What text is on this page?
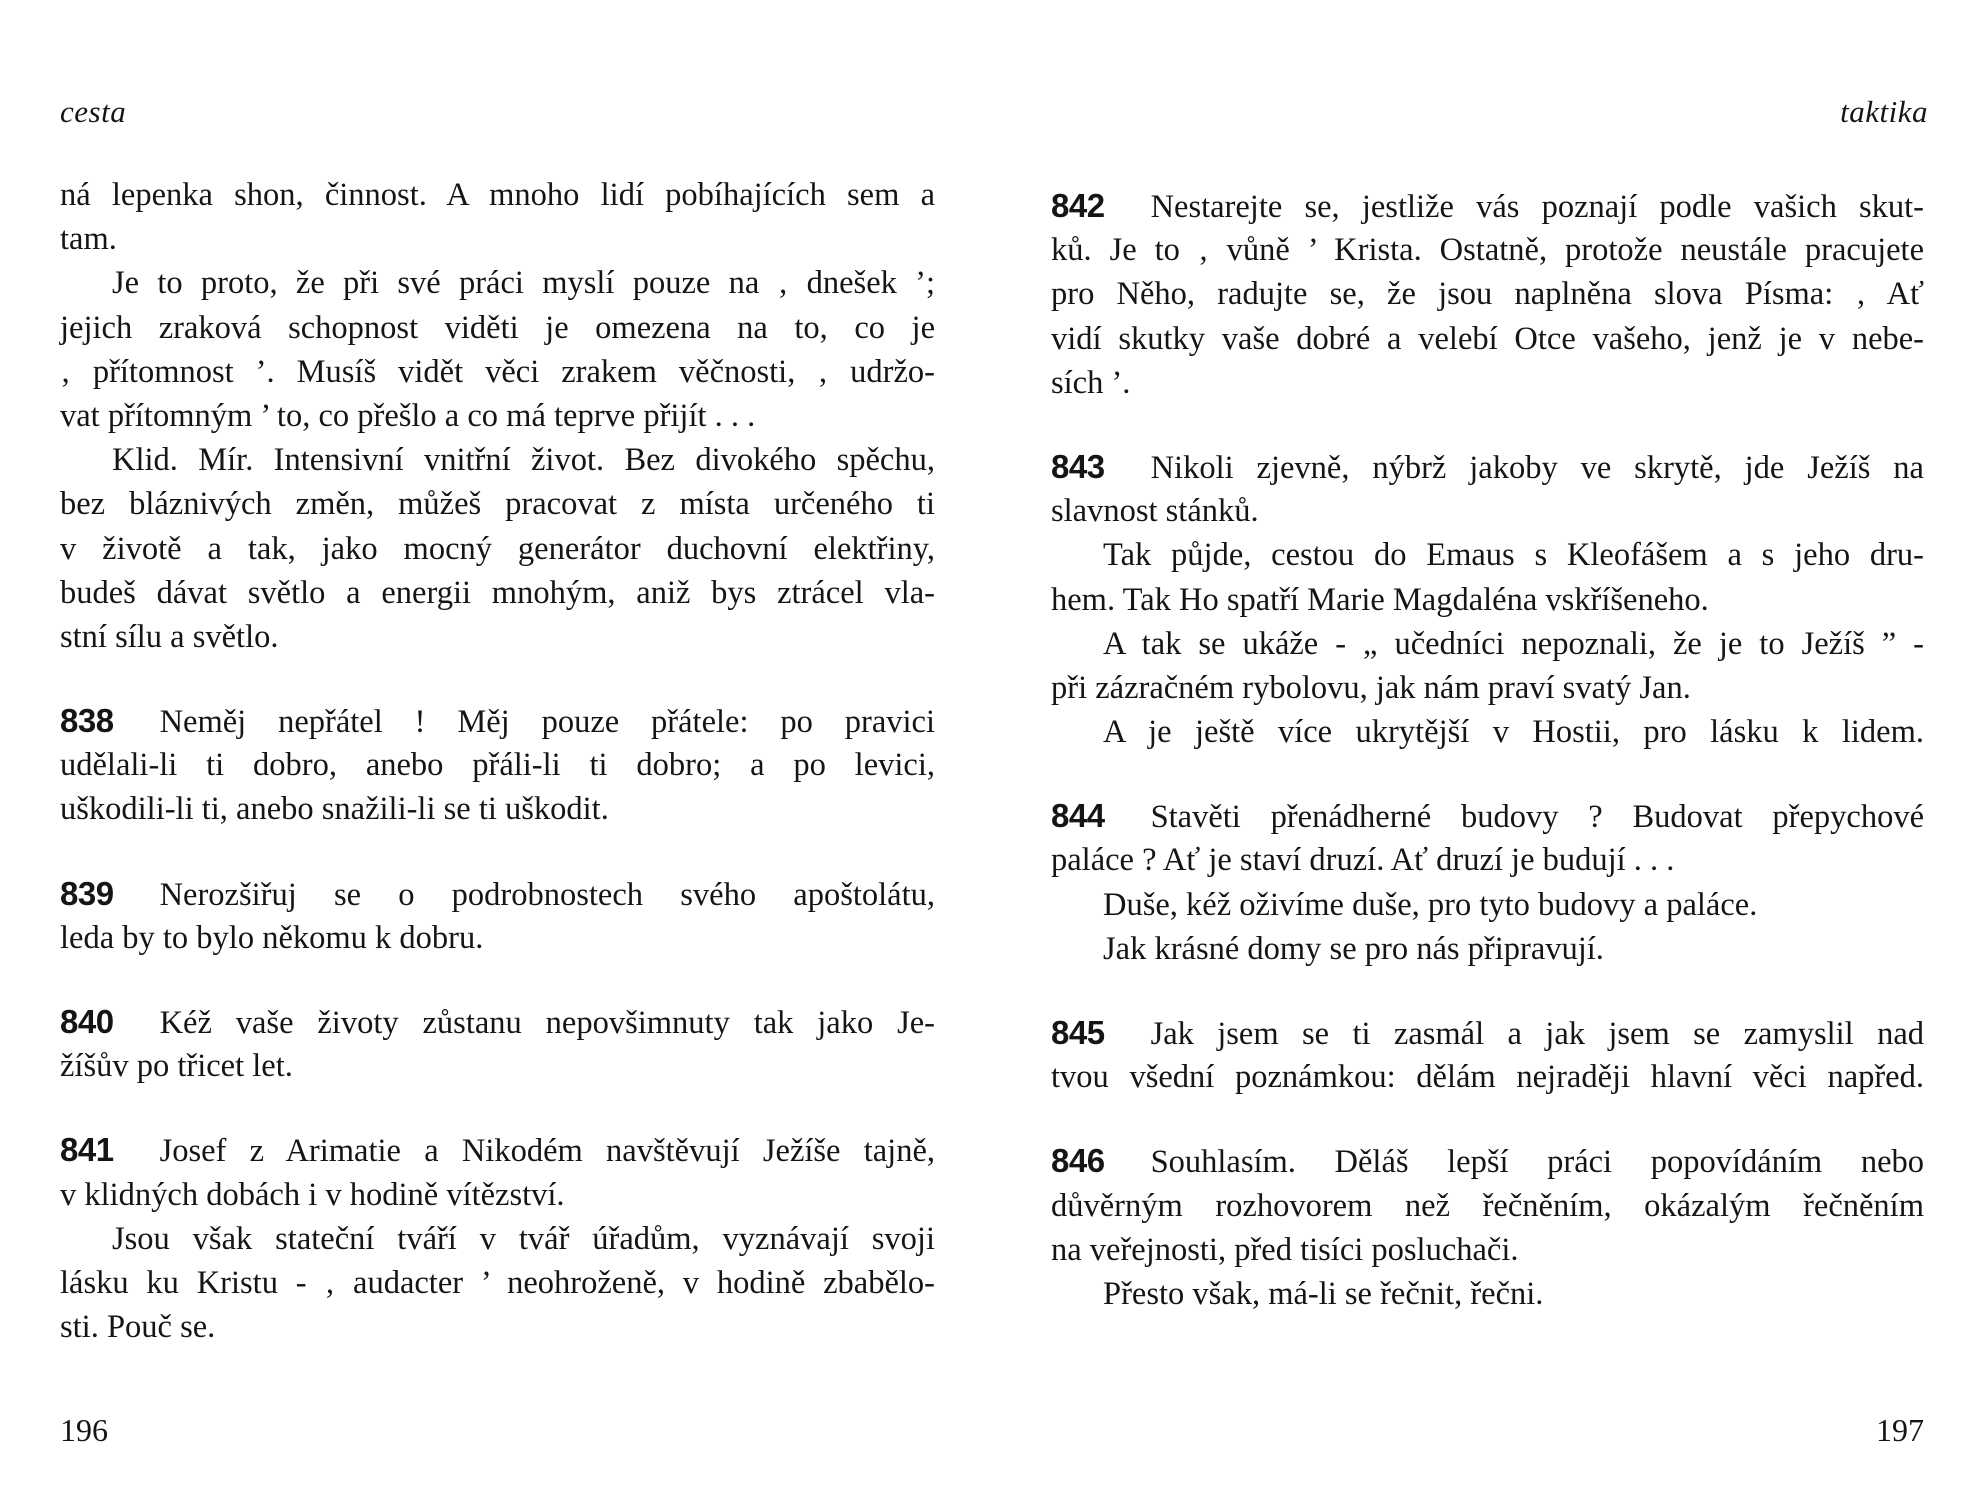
cesta
ná lepenka shon, činnost. A mnoho lidí pobíhajících sem a
tam.
Je to proto, že při své práci myslí pouze na ‚ dnešek ’;
jejich zraková schopnost viděti je omezena na to, co je
‚ přítomnost ’. Musíš vidět věci zrakem věčnosti, ‚ udržo-
vat přítomným ’ to, co přešlo a co má teprve přijít . . .
Klid. Mír. Intensivní vnitřní život. Bez divokého spěchu,
bez bláznivých změn, můžeš pracovat z místa určeného ti
v životě a tak, jako mocný generátor duchovní elektřiny,
budeš dávat světlo a energii mnohým, aniž bys ztrácel vla-
stní sílu a světlo.
838 Neměj nepřátel ! Měj pouze přátele: po pravici
udělali-li ti dobro, anebo přáli-li ti dobro; a po levici,
uškodili-li ti, anebo snažili-li se ti uškodit.
839 Nerozšiřuj se o podrobnostech svého apoštolátu,
leda by to bylo někomu k dobru.
840 Kéž vaše životy zůstanu nepovšimnuty tak jako Je-
žíšův po třicet let.
841 Josef z Arimatie a Nikodém navštěvují Ježíše tajně,
v klidných dobách i v hodině vítězství.
Jsou však stateční tváří v tvář úřadům, vyznávají svoji
lásku ku Kristu - ‚ audacter ’ neohroženě, v hodině zbabělo-
sti. Pouč se.
196
taktika
842 Nestarejte se, jestliže vás poznají podle vašich skut-
ků. Je to ‚ vůně ’ Krista. Ostatně, protože neustále pracujete
pro Něho, radujte se, že jsou naplněna slova Písma: ‚ Ať
vidí skutky vaše dobré a velebí Otce vašeho, jenž je v nebe-
sích ’.
843 Nikoli zjevně, nýbrž jakoby ve skrytě, jde Ježíš na
slavnost stánků.
Tak půjde, cestou do Emaus s Kleofášem a s jeho dru-
hem. Tak Ho spatří Marie Magdaléna vskříšeneho.
A tak se ukáže - „ učedníci nepoznali, že je to Ježíš ” -
při zázračném rybolovu, jak nám praví svatý Jan.
A je ještě více ukrytější v Hostii, pro lásku k lidem.
844 Stavěti přenádherné budovy ? Budovat přepychové
paláce ? Ať je staví druzí. Ať druzí je budují . . .
Duše, kéž oživíme duše, pro tyto budovy a paláce.
Jak krásné domy se pro nás připravují.
845 Jak jsem se ti zasmál a jak jsem se zamyslil nad
tvou všední poznámkou: dělám nejraději hlavní věci napřed.
846 Souhlasím. Děláš lepší práci popovídáním nebo
důvěrným rozhovorem než řečněním, okázalým řečněním
na veřejnosti, před tisíci posluchači.
Přesto však, má-li se řečnit, řečni.
197
